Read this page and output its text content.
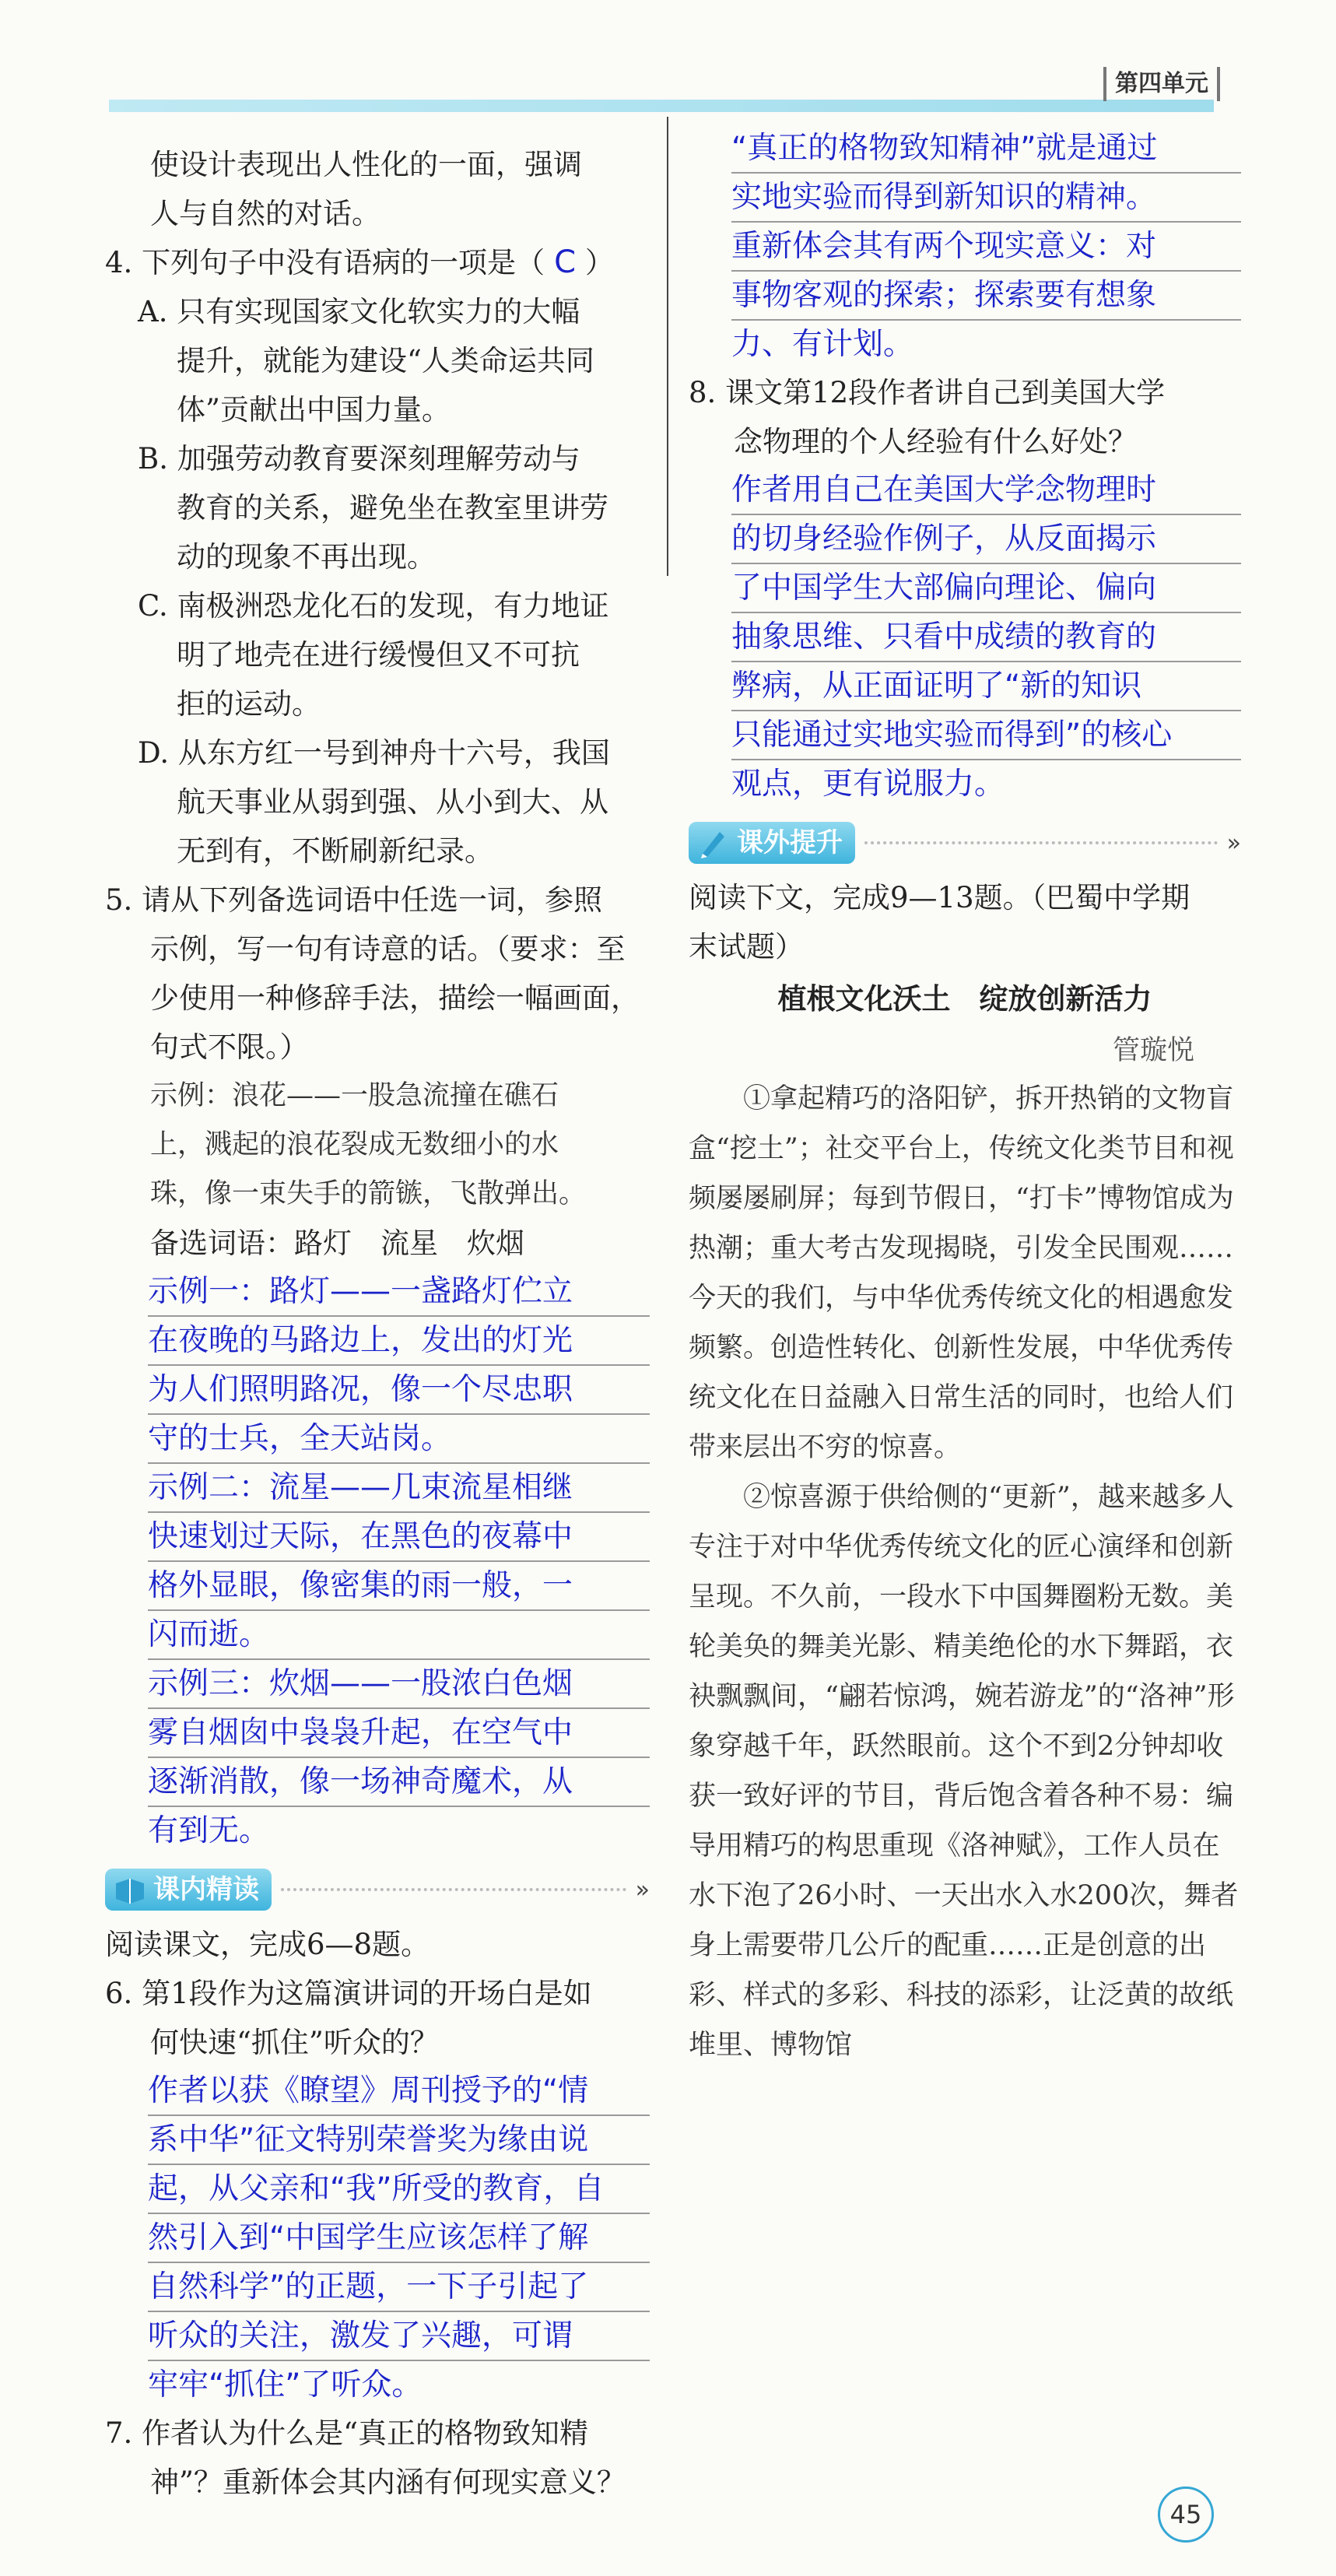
第四单元

使设计表现出人性化的一面，强调

人与自然的对话。

4. 下列句子中没有语病的一项是（ C ）

A. 只有实现国家文化软实力的大幅

提升，就能为建设“人类命运共同

体”贡献出中国力量。

B. 加强劳动教育要深刻理解劳动与

教育的关系，避免坐在教室里讲劳

动的现象不再出现。

C. 南极洲恐龙化石的发现，有力地证

明了地壳在进行缓慢但又不可抗

拒的运动。

D. 从东方红一号到神舟十六号，我国

航天事业从弱到强、从小到大、从

无到有，不断刷新纪录。

5. 请从下列备选词语中任选一词，参照

示例，写一句有诗意的话。（要求：至

少使用一种修辞手法，描绘一幅画面，

句式不限。）

示例：浪花——一股急流撞在礁石

上，溅起的浪花裂成无数细小的水

珠，像一束失手的箭镞，飞散弹出。

备选词语：路灯　流星　炊烟

示例一：路灯——一盏路灯伫立
在夜晚的马路边上，发出的灯光
为人们照明路况，像一个尽忠职
守的士兵，全天站岗。
示例二：流星——几束流星相继
快速划过天际，在黑色的夜幕中
格外显眼，像密集的雨一般，一
闪而逝。
示例三：炊烟——一股浓白色烟
雾自烟囱中袅袅升起，在空气中
逐渐消散，像一场神奇魔术，从
有到无。
课内精读	»

阅读课文，完成6—8题。

6. 第1段作为这篇演讲词的开场白是如

何快速“抓住”听众的？

作者以获《瞭望》周刊授予的“情
系中华”征文特别荣誉奖为缘由说
起，从父亲和“我”所受的教育，自
然引入到“中国学生应该怎样了解
自然科学”的正题，一下子引起了
听众的关注，激发了兴趣，可谓
牢牢“抓住”了听众。

7. 作者认为什么是“真正的格物致知精

神”？重新体会其内涵有何现实意义？

“真正的格物致知精神”就是通过
实地实验而得到新知识的精神。
重新体会其有两个现实意义：对
事物客观的探索；探索要有想象
力、有计划。

8. 课文第12段作者讲自己到美国大学

念物理的个人经验有什么好处？

作者用自己在美国大学念物理时
的切身经验作例子，从反面揭示
了中国学生大部偏向理论、偏向
抽象思维、只看中成绩的教育的
弊病，从正面证明了“新的知识
只能通过实地实验而得到”的核心
观点，更有说服力。
课外提升	»

阅读下文，完成9—13题。（巴蜀中学期

末试题）

植根文化沃土　绽放创新活力
管璇悦

①拿起精巧的洛阳铲，拆开热销的文物盲盒“挖土”；社交平台上，传统文化类节目和视频屡屡刷屏；每到节假日，“打卡”博物馆成为热潮；重大考古发现揭晓，引发全民围观……今天的我们，与中华优秀传统文化的相遇愈发频繁。创造性转化、创新性发展，中华优秀传统文化在日益融入日常生活的同时，也给人们带来层出不穷的惊喜。

②惊喜源于供给侧的“更新”，越来越多人专注于对中华优秀传统文化的匠心演绎和创新呈现。不久前，一段水下中国舞圈粉无数。美轮美奂的舞美光影、精美绝伦的水下舞蹈，衣袂飘飘间，“翩若惊鸿，婉若游龙”的“洛神”形象穿越千年，跃然眼前。这个不到2分钟却收获一致好评的节目，背后饱含着各种不易：编导用精巧的构思重现《洛神赋》，工作人员在水下泡了26小时、一天出水入水200次，舞者身上需要带几公斤的配重……正是创意的出彩、样式的多彩、科技的添彩，让泛黄的故纸堆里、博物馆

45
